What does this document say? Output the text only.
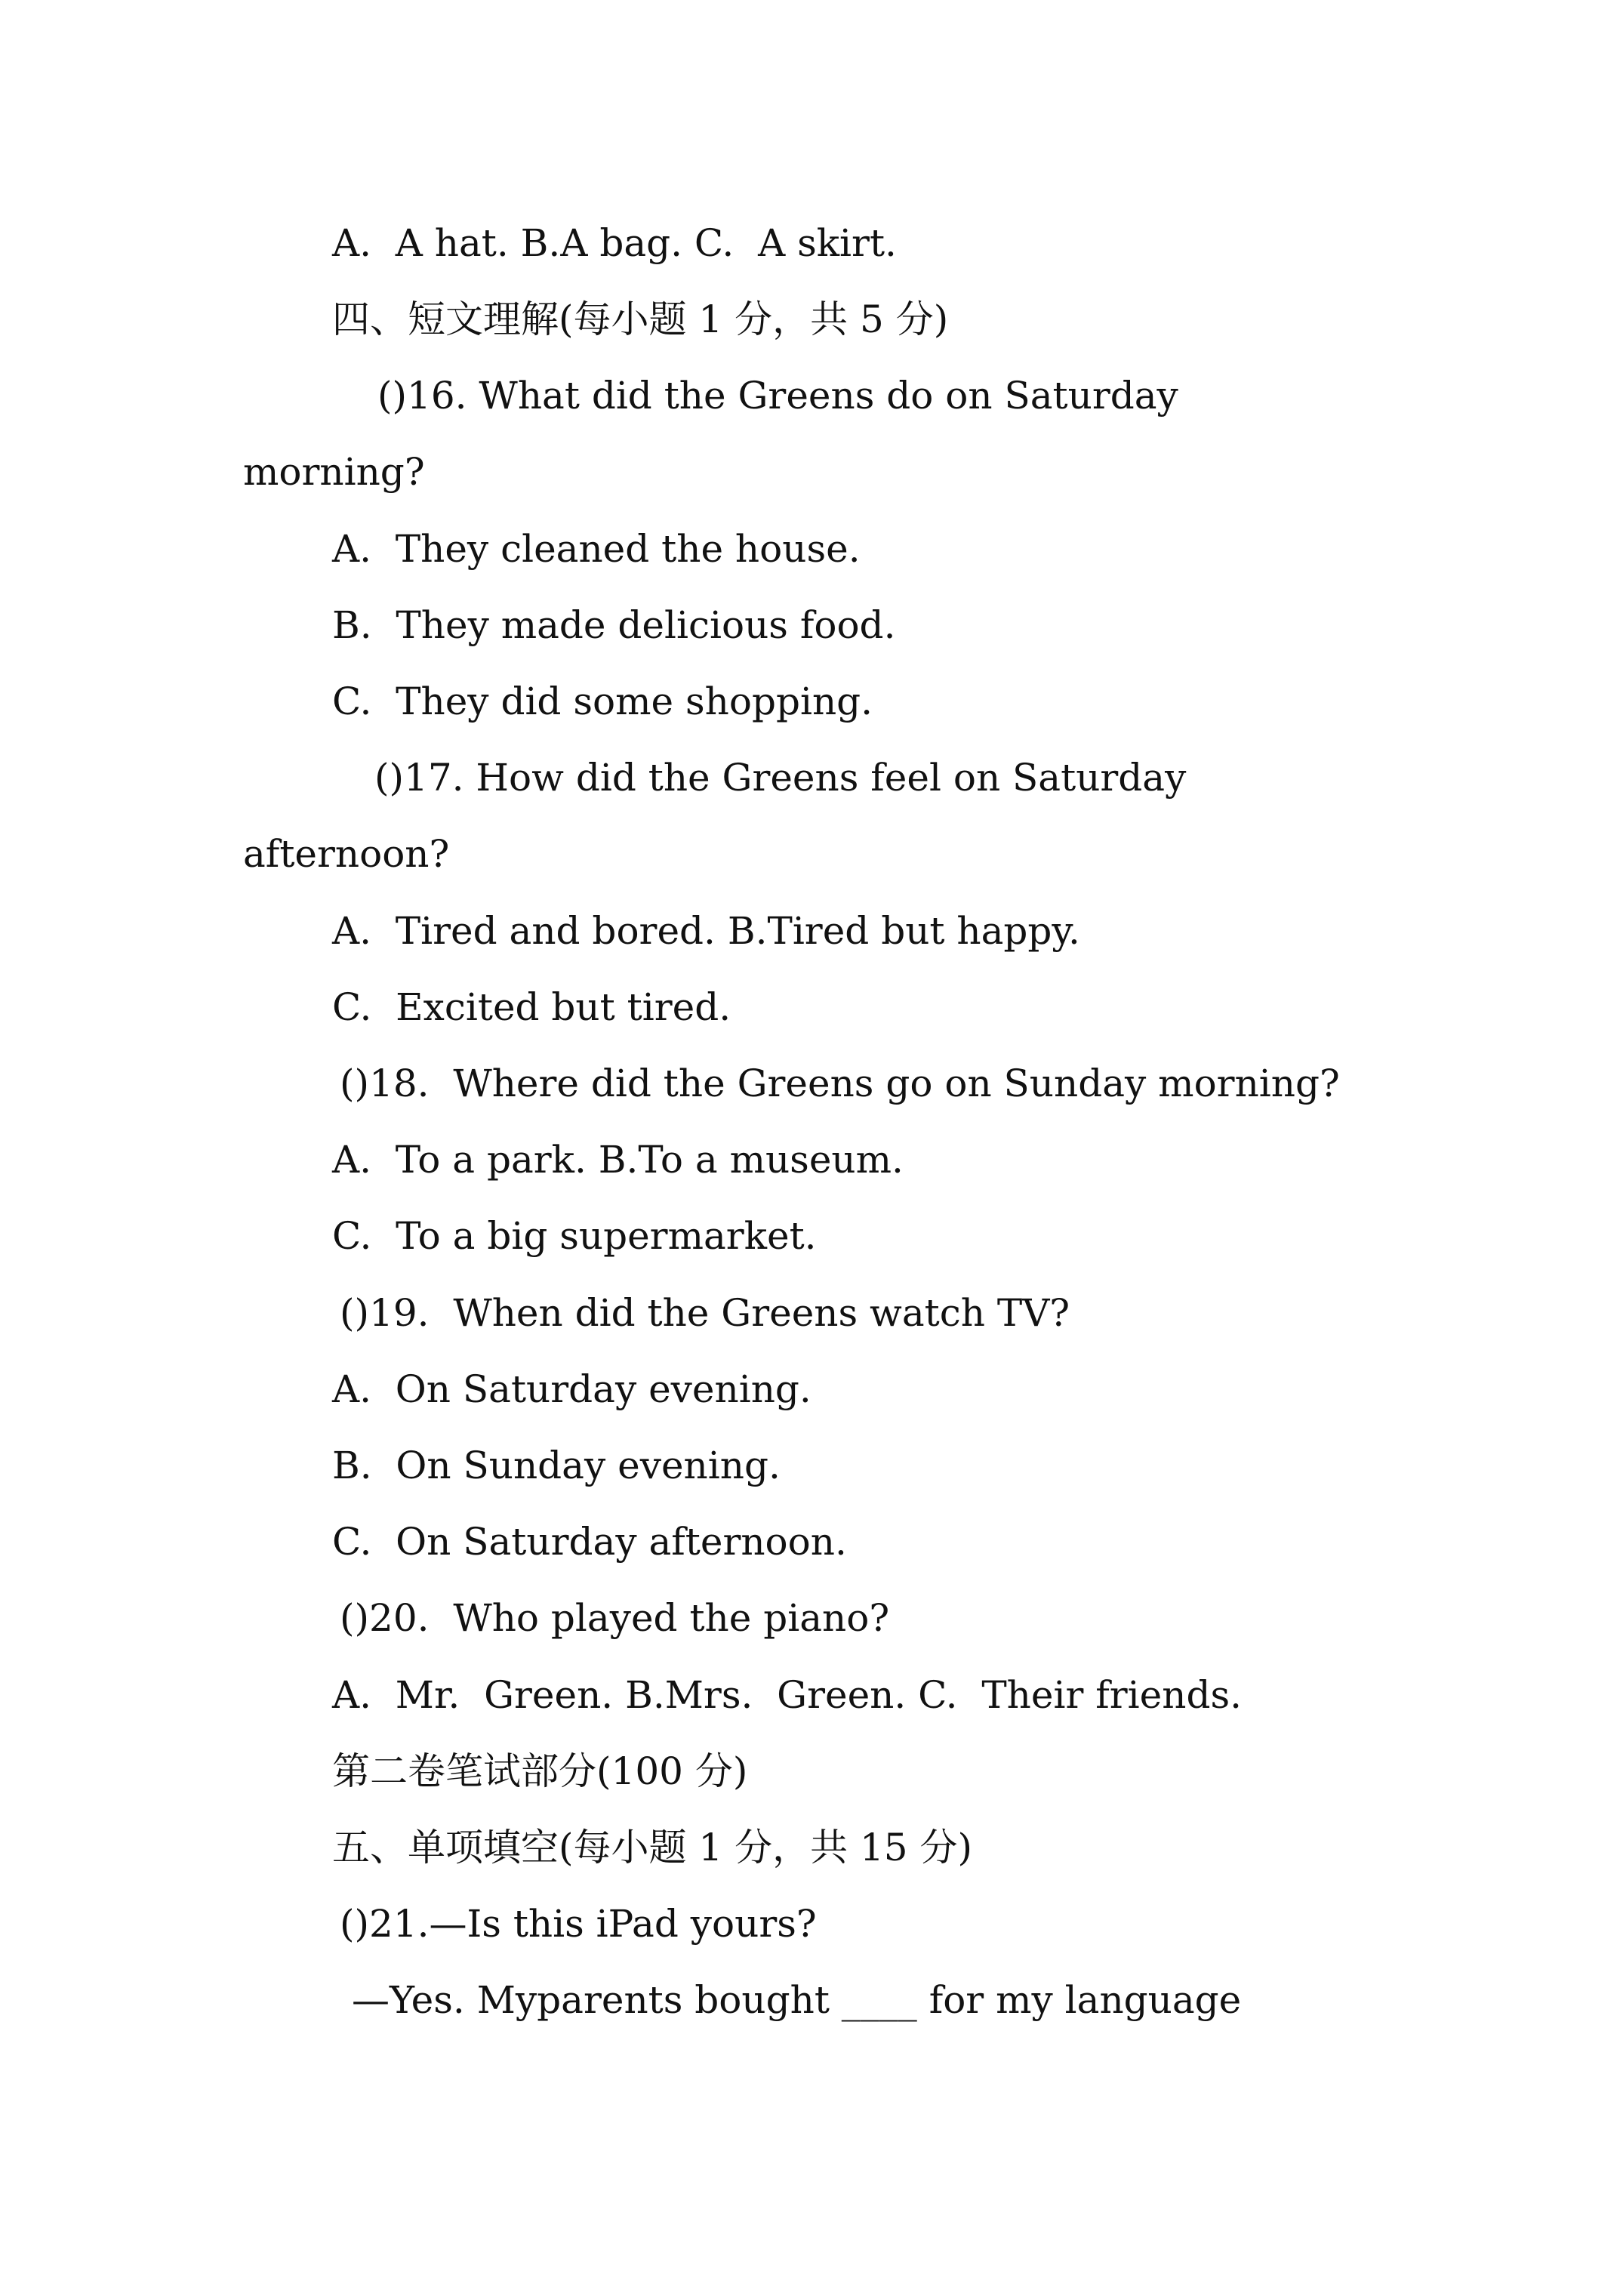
A.  A hat. B.A bag. C.  A skirt.
四、短文理解(每小题 1 分，共 5 分)
()16. What did the Greens do on Saturday
morning?
A.  They cleaned the house.
B.  They made delicious food.
C.  They did some shopping.
()17. How did the Greens feel on Saturday
afternoon?
A.  Tired and bored. B.Tired but happy.
C.  Excited but tired.
()18.  Where did the Greens go on Sunday morning?
A.  To a park. B.To a museum.
C.  To a big supermarket.
()19.  When did the Greens watch TV?
A.  On Saturday evening.
B.  On Sunday evening.
C.  On Saturday afternoon.
()20.  Who played the piano?
A.  Mr.  Green. B.Mrs.  Green. C.  Their friends.
第二卷笔试部分(100 分)
五、单项填空(每小题 1 分，共 15 分)
()21.—Is this iPad yours?
—Yes. Myparents bought ____ for my language
